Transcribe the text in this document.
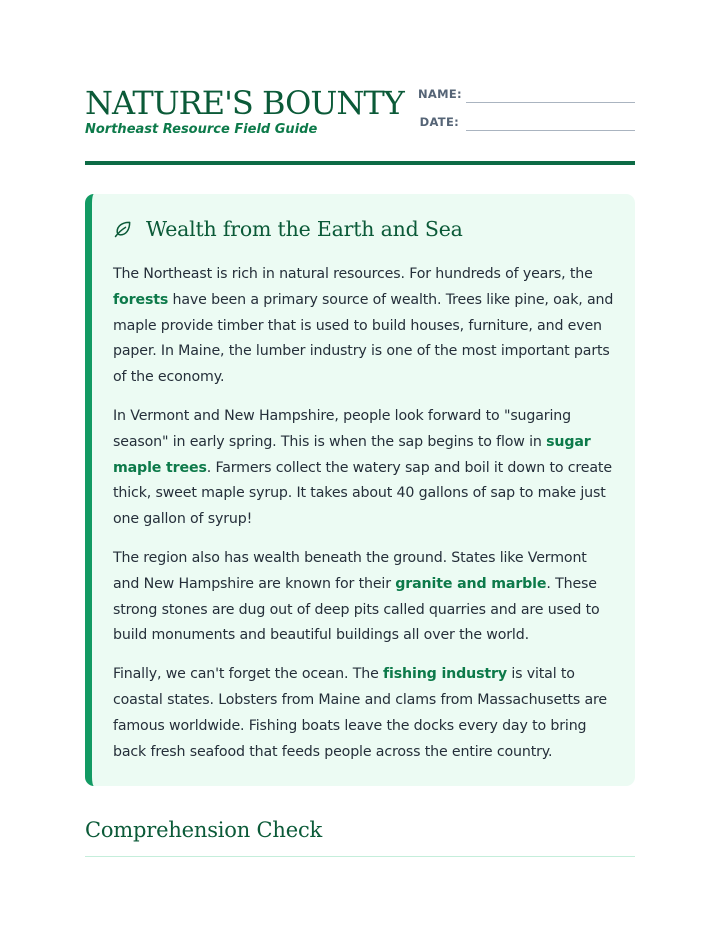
NATURE'S BOUNTY

Northeast Resource Field Guide

NAME:
DATE:
Wealth from the Earth and Sea

The Northeast is rich in natural resources. For hundreds of years, the forests have been a primary source of wealth. Trees like pine, oak, and maple provide timber that is used to build houses, furniture, and even paper. In Maine, the lumber industry is one of the most important parts of the economy.

In Vermont and New Hampshire, people look forward to "sugaring season" in early spring. This is when the sap begins to flow in sugar maple trees. Farmers collect the watery sap and boil it down to create thick, sweet maple syrup. It takes about 40 gallons of sap to make just one gallon of syrup!

The region also has wealth beneath the ground. States like Vermont and New Hampshire are known for their granite and marble. These strong stones are dug out of deep pits called quarries and are used to build monuments and beautiful buildings all over the world.

Finally, we can't forget the ocean. The fishing industry is vital to coastal states. Lobsters from Maine and clams from Massachusetts are famous worldwide. Fishing boats leave the docks every day to bring back fresh seafood that feeds people across the entire country.

Comprehension Check
